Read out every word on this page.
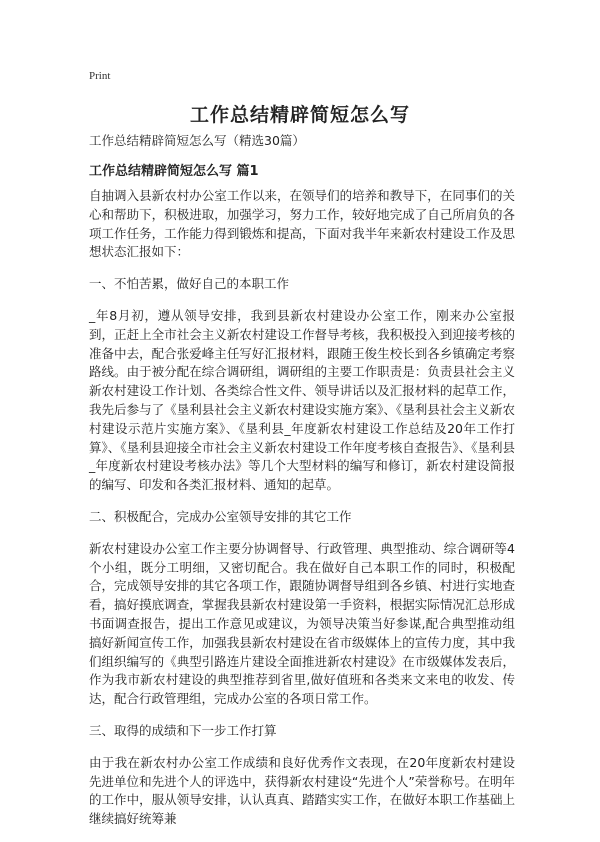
Print
工作总结精辟简短怎么写
工作总结精辟简短怎么写（精选30篇）
工作总结精辟简短怎么写 篇1

自抽调入县新农村办公室工作以来，在领导们的培养和教导下，在同事们的关心和帮助下，积极进取，加强学习，努力工作，较好地完成了自己所肩负的各项工作任务，工作能力得到锻炼和提高，下面对我半年来新农村建设工作及思想状态汇报如下：

一、不怕苦累，做好自己的本职工作

_年8月初，遵从领导安排，我到县新农村建设办公室工作，刚来办公室报到，正赶上全市社会主义新农村建设工作督导考核，我积极投入到迎接考核的准备中去，配合张爱峰主任写好汇报材料，跟随王俊生校长到各乡镇确定考察路线。由于被分配在综合调研组，调研组的主要工作职责是：负责县社会主义新农村建设工作计划、各类综合性文件、领导讲话以及汇报材料的起草工作，我先后参与了《垦利县社会主义新农村建设实施方案》、《垦利县社会主义新农村建设示范片实施方案》、《垦利县_年度新农村建设工作总结及20年工作打算》、《垦利县迎接全市社会主义新农村建设工作年度考核自查报告》、《垦利县_年度新农村建设考核办法》等几个大型材料的编写和修订，新农村建设简报的编写、印发和各类汇报材料、通知的起草。

二、积极配合，完成办公室领导安排的其它工作

新农村建设办公室工作主要分协调督导、行政管理、典型推动、综合调研等4个小组，既分工明细，又密切配合。我在做好自己本职工作的同时，积极配合，完成领导安排的其它各项工作，跟随协调督导组到各乡镇、村进行实地查看，搞好摸底调查，掌握我县新农村建设第一手资料，根据实际情况汇总形成书面调查报告，提出工作意见或建议，为领导决策当好参谋,配合典型推动组搞好新闻宣传工作，加强我县新农村建设在省市级媒体上的宣传力度，其中我们组织编写的《典型引路连片建设全面推进新农村建设》在市级媒体发表后，作为我市新农村建设的典型推荐到省里,做好值班和各类来文来电的收发、传达，配合行政管理组，完成办公室的各项日常工作。

三、取得的成绩和下一步工作打算

由于我在新农村办公室工作成绩和良好优秀作文表现，在20年度新农村建设先进单位和先进个人的评选中，获得新农村建设“先进个人”荣誉称号。在明年的工作中，服从领导安排，认认真真、踏踏实实工作，在做好本职工作基础上继续搞好统筹兼
